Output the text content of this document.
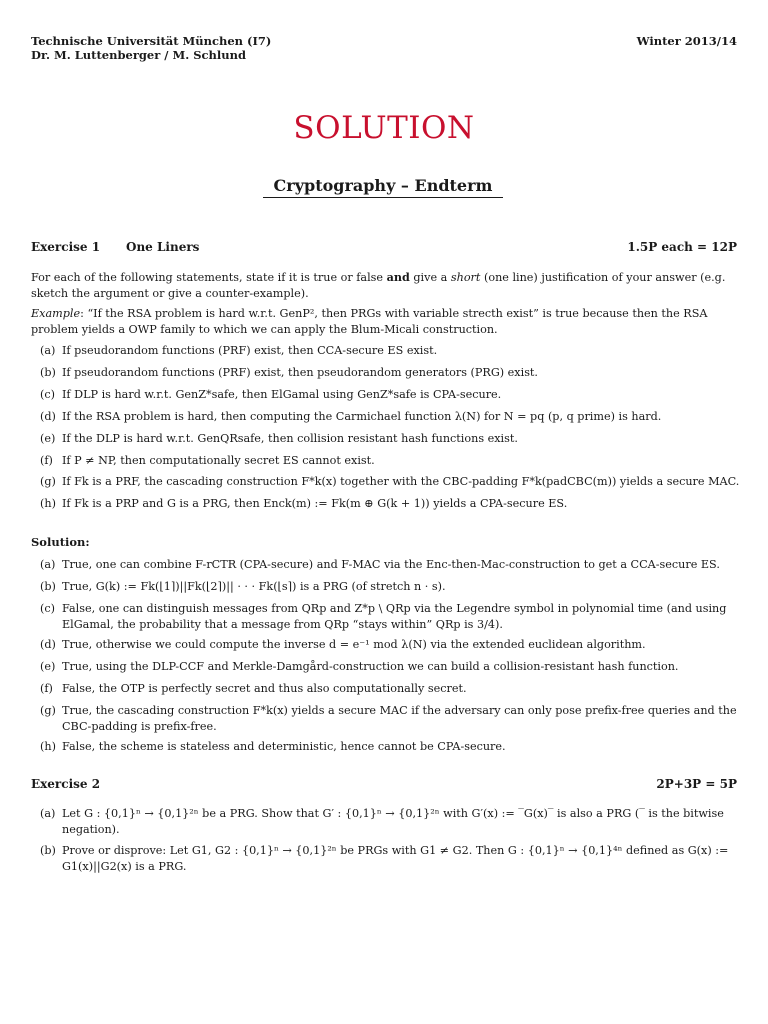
Technische Universität München (I7)
Dr. M. Luttenberger / M. Schlund
Winter 2013/14
SOLUTION
Cryptography – Endterm
Exercise 1 One Liners	1.5P each = 12P
For each of the following statements, state if it is true or false and give a short (one line) justification of your answer (e.g. sketch the argument or give a counter-example).
Example: “If the RSA problem is hard w.r.t. GenP², then PRGs with variable strecth exist” is true because then the RSA problem yields a OWP family to which we can apply the Blum-Micali construction.
(a) If pseudorandom functions (PRF) exist, then CCA-secure ES exist.
(b) If pseudorandom functions (PRF) exist, then pseudorandom generators (PRG) exist.
(c) If DLP is hard w.r.t. GenZ*safe, then ElGamal using GenZ*safe is CPA-secure.
(d) If the RSA problem is hard, then computing the Carmichael function λ(N) for N = pq (p, q prime) is hard.
(e) If the DLP is hard w.r.t. GenQRsafe, then collision resistant hash functions exist.
(f) If P ≠ NP, then computationally secret ES cannot exist.
(g) If Fk is a PRF, the cascading construction F*k(x) together with the CBC-padding F*k(padCBC(m)) yields a secure MAC.
(h) If Fk is a PRP and G is a PRG, then Enck(m) := Fk(m ⊕ G(k + 1)) yields a CPA-secure ES.
Solution:
(a) True, one can combine F-rCTR (CPA-secure) and F-MAC via the Enc-then-Mac-construction to get a CCA-secure ES.
(b) True, G(k) := Fk(⌊1⌉)||Fk(⌊2⌉)|| · · · Fk(⌊s⌉) is a PRG (of stretch n · s).
(c) False, one can distinguish messages from QRp and Z*p \ QRp via the Legendre symbol in polynomial time (and using ElGamal, the probability that a message from QRp “stays within” QRp is 3/4).
(d) True, otherwise we could compute the inverse d = e⁻¹ mod λ(N) via the extended euclidean algorithm.
(e) True, using the DLP-CCF and Merkle-Damgård-construction we can build a collision-resistant hash function.
(f) False, the OTP is perfectly secret and thus also computationally secret.
(g) True, the cascading construction F*k(x) yields a secure MAC if the adversary can only pose prefix-free queries and the CBC-padding is prefix-free.
(h) False, the scheme is stateless and deterministic, hence cannot be CPA-secure.
Exercise 2	2P+3P = 5P
(a) Let G : {0,1}ⁿ → {0,1}²ⁿ be a PRG. Show that G′ : {0,1}ⁿ → {0,1}²ⁿ with G′(x) := ‾G(x)‾ is also a PRG (‾ is the bitwise negation).
(b) Prove or disprove: Let G1, G2 : {0,1}ⁿ → {0,1}²ⁿ be PRGs with G1 ≠ G2. Then G : {0,1}ⁿ → {0,1}⁴ⁿ defined as G(x) := G1(x)||G2(x) is a PRG.
